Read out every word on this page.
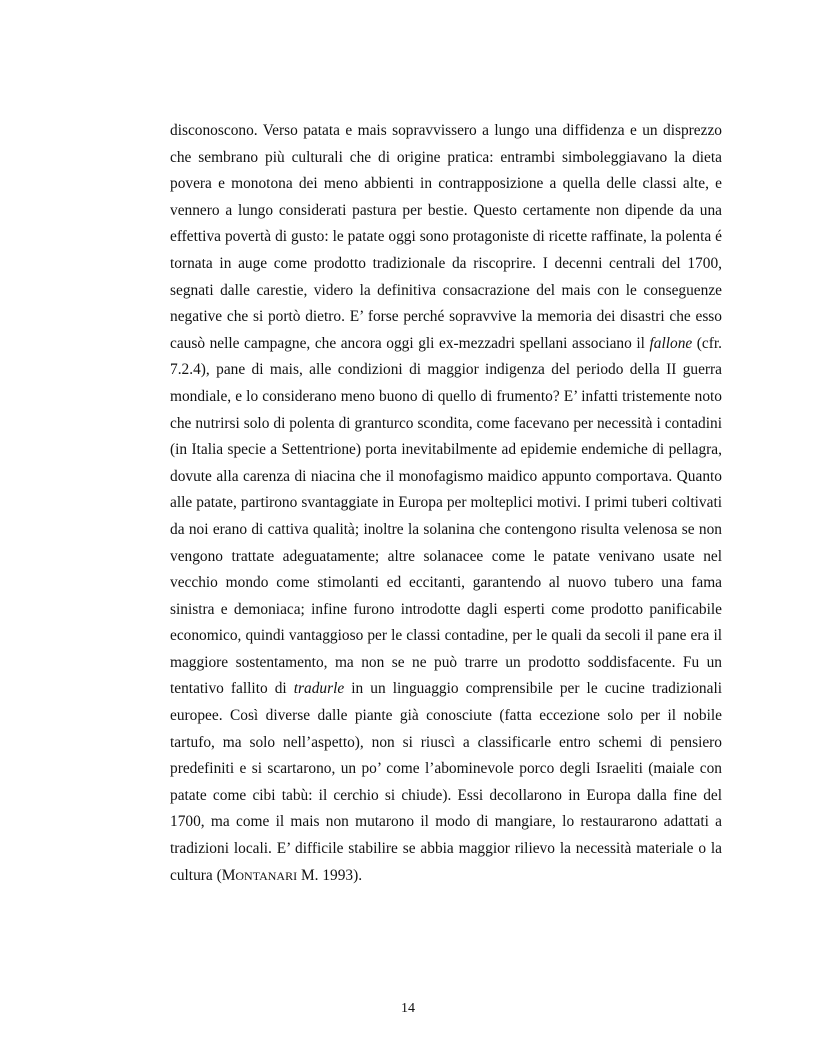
disconoscono. Verso patata e mais sopravvissero a lungo una diffidenza e un disprezzo che sembrano più culturali che di origine pratica: entrambi simboleggiavano la dieta povera e monotona dei meno abbienti in contrapposizione a quella delle classi alte, e vennero a lungo considerati pastura per bestie. Questo certamente non dipende da una effettiva povertà di gusto: le patate oggi sono protagoniste di ricette raffinate, la polenta é tornata in auge come prodotto tradizionale da riscoprire. I decenni centrali del 1700, segnati dalle carestie, videro la definitiva consacrazione del mais con le conseguenze negative che si portò dietro. E’ forse perché sopravvive la memoria dei disastri che esso causò nelle campagne, che ancora oggi gli ex-mezzadri spellani associano il fallone (cfr. 7.2.4), pane di mais, alle condizioni di maggior indigenza del periodo della II guerra mondiale, e lo considerano meno buono di quello di frumento? E’ infatti tristemente noto che nutrirsi solo di polenta di granturco scondita, come facevano per necessità i contadini (in Italia specie a Settentrione) porta inevitabilmente ad epidemie endemiche di pellagra, dovute alla carenza di niacina che il monofagismo maidico appunto comportava. Quanto alle patate, partirono svantaggiate in Europa per molteplici motivi. I primi tuberi coltivati da noi erano di cattiva qualità; inoltre la solanina che contengono risulta velenosa se non vengono trattate adeguatamente; altre solanacee come le patate venivano usate nel vecchio mondo come stimolanti ed eccitanti, garantendo al nuovo tubero una fama sinistra e demoniaca; infine furono introdotte dagli esperti come prodotto panificabile economico, quindi vantaggioso per le classi contadine, per le quali da secoli il pane era il maggiore sostentamento, ma non se ne può trarre un prodotto soddisfacente. Fu un tentativo fallito di tradurle in un linguaggio comprensibile per le cucine tradizionali europee. Così diverse dalle piante già conosciute (fatta eccezione solo per il nobile tartufo, ma solo nell’aspetto), non si riuscì a classificarle entro schemi di pensiero predefiniti e si scartarono, un po’ come l’abominevole porco degli Israeliti (maiale con patate come cibi tabù: il cerchio si chiude). Essi decollarono in Europa dalla fine del 1700, ma come il mais non mutarono il modo di mangiare, lo restaurarono adattati a tradizioni locali. E’ difficile stabilire se abbia maggior rilievo la necessità materiale o la cultura (MONTANARI M. 1993).

14
